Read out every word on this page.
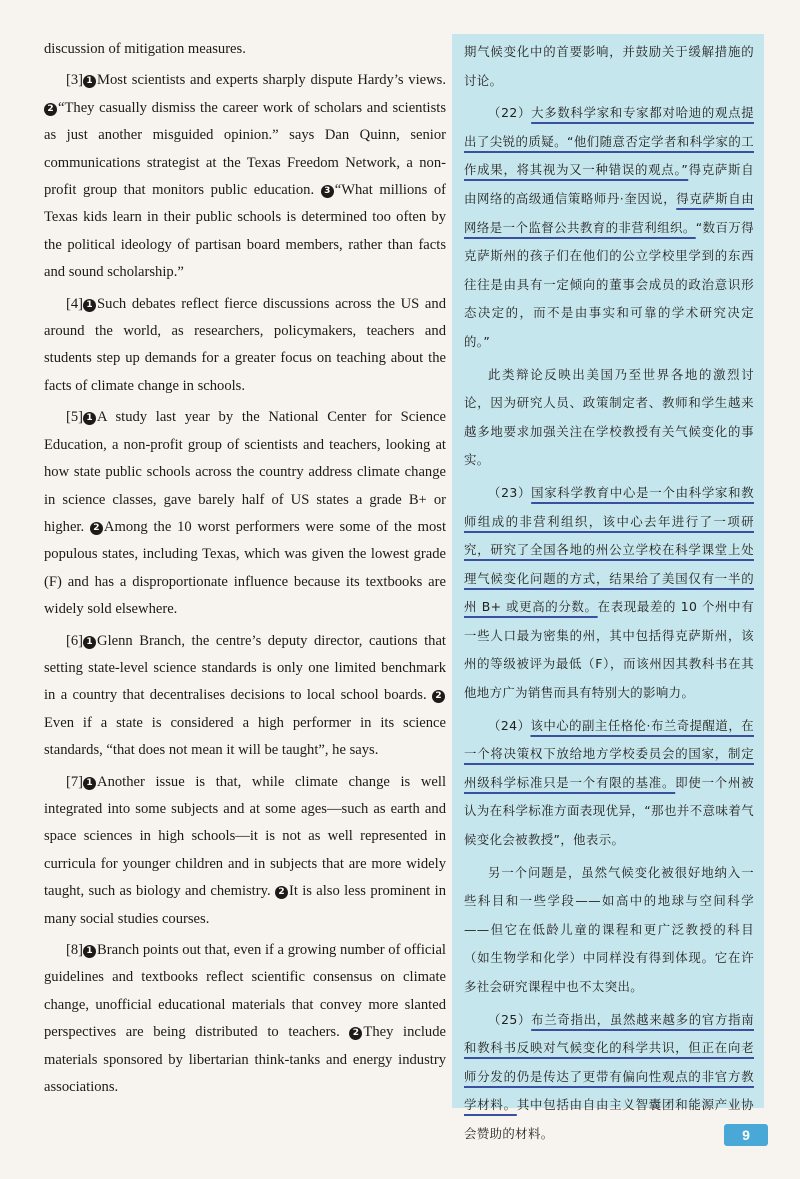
discussion of mitigation measures.

[3] 1 Most scientists and experts sharply dispute Hardy’s views. 2 “They casually dismiss the career work of scholars and scientists as just another misguided opinion.” says Dan Quinn, senior communications strategist at the Texas Freedom Network, a non-profit group that monitors public education. 3 “What millions of Texas kids learn in their public schools is determined too often by the political ideology of partisan board members, rather than facts and sound scholarship.”

[4] 1 Such debates reflect fierce discussions across the US and around the world, as researchers, policymakers, teachers and students step up demands for a greater focus on teaching about the facts of climate change in schools.

[5] 1 A study last year by the National Center for Science Education, a non-profit group of scientists and teachers, looking at how state public schools across the country address climate change in science classes, gave barely half of US states a grade B+ or higher. 2 Among the 10 worst performers were some of the most populous states, including Texas, which was given the lowest grade (F) and has a disproportionate influence because its textbooks are widely sold elsewhere.

[6] 1 Glenn Branch, the centre’s deputy director, cautions that setting state-level science standards is only one limited benchmark in a country that decentralises decisions to local school boards. 2Even if a state is considered a high performer in its science standards, “that does not mean it will be taught”, he says.

[7] 1 Another issue is that, while climate change is well integrated into some subjects and at some ages—such as earth and space sciences in high schools—it is not as well represented in curricula for younger children and in subjects that are more widely taught, such as biology and chemistry. 2 It is also less prominent in many social studies courses.

[8] 1 Branch points out that, even if a growing number of official guidelines and textbooks reflect scientific consensus on climate change, unofficial educational materials that convey more slanted perspectives are being distributed to teachers. 2 They include materials sponsored by libertarian think-tanks and energy industry associations.

期气候变化中的首要影响，并鼓励关于缓解措施的讨论。

（22）大多数科学家和专家都对哈迪的观点提出了尖锐的质疑。“他们随意否定学者和科学家的工作成果，将其视为又一种错误的观点。”得克萨斯自由网络的高级通信策略师丹·奎因说，得克萨斯自由网络是一个监督公共教育的非营利组织。“数百万得克萨斯州的孩子们在他们的公立学校里学到的东西往往是由具有一定倾向的董事会成员的政治意识形态决定的，而不是由事实和可靠的学术研究决定的。”

此类辩论反映出美国乃至世界各地的激烈讨论，因为研究人员、政策制定者、教师和学生越来越多地要求加强关注在学校教授有关气候变化的事实。

（23）国家科学教育中心是一个由科学家和教师组成的非营利组织，该中心去年进行了一项研究，研究了全国各地的州公立学校在科学课堂上处理气候变化问题的方式，结果给了美国仅有一半的州 B+ 或更高的分数。在表现最差的 10 个州中有一些人口最为密集的州，其中包括得克萨斯州，该州的等级被评为最低（F），而该州因其教科书在其他地方广为销售而具有特别大的影响力。

（24）该中心的副主任格伦·布兰奇提醒道，在一个将决策权下放给地方学校委员会的国家，制定州级科学标准只是一个有限的基准。即使一个州被认为在科学标准方面表现优异，“那也并不意味着气候变化会被教授”，他表示。

另一个问题是，虽然气候变化被很好地纳入一些科目和一些学段——如高中的地球与空间科学——但它在低龄儿童的课程和更广泛教授的科目（如生物学和化学）中同样没有得到体现。它在许多社会研究课程中也不太突出。

（25）布兰奇指出，虽然越来越多的官方指南和教科书反映对气候变化的科学共识，但正在向老师分发的仍是传达了更带有偏向性观点的非官方教学材料。其中包括由自由主义智囊团和能源产业协会赞助的材料。	9
